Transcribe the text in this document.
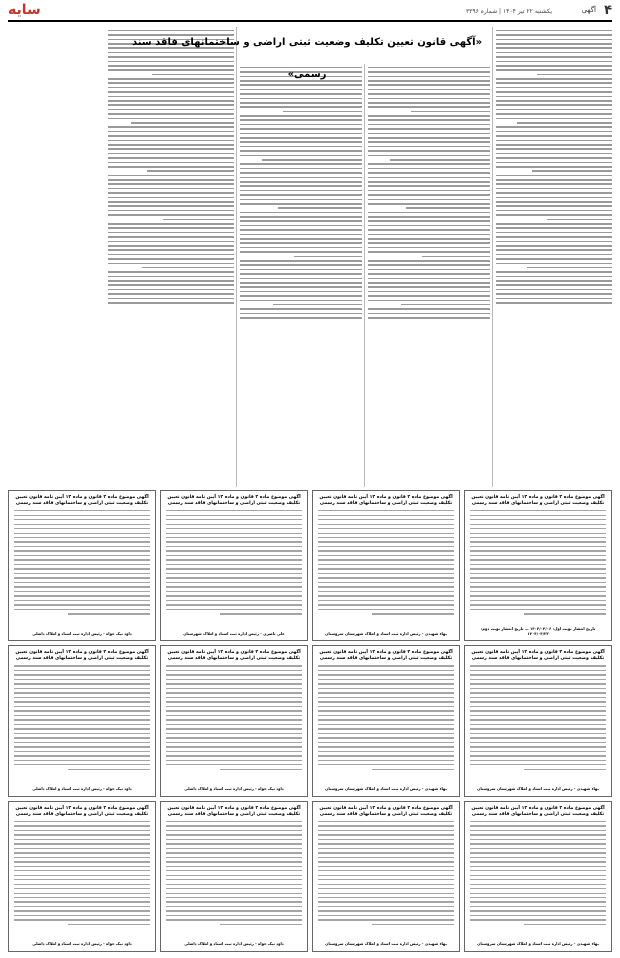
۴
آگهی
یکشنبه ۲۲ تیر ۱۴۰۴ | شماره ۳۳۹۶
سایه
«آگهی قانون تعیین تکلیف وضعیت ثبتی اراضی و ساختمانهای فاقد سند رسمی»
آگهی موضوع ماده ۳ قانون و ماده ۱۳ آیین نامه قانون تعیین تکلیف وضعیت ثبتی اراضی و ساختمانهای فاقد سند رسمی
تاریخ انتشار نوبت اول: ۱۴۰۴/۰۴/۰۶ — تاریخ انتشار نوبت دوم: ۱۴۰۴/۰۴/۲۲
آگهی موضوع ماده ۳ قانون و ماده ۱۳ آیین نامه قانون تعیین تکلیف وضعیت ثبتی اراضی و ساختمانهای فاقد سند رسمی
بهاء شهیدی - رئیس اداره ثبت اسناد و املاک شهرستان سروستان
آگهی موضوع ماده ۳ قانون و ماده ۱۳ آیین نامه قانون تعیین تکلیف وضعیت ثبتی اراضی و ساختمانهای فاقد سند رسمی
علی ناصری - رئیس اداره ثبت اسناد و املاک شهرستان
آگهی موضوع ماده ۳ قانون و ماده ۱۳ آیین نامه قانون تعیین تکلیف وضعیت ثبتی اراضی و ساختمانهای فاقد سند رسمی
داود نیک خواه - رئیس اداره ثبت اسناد و املاک داشلی
آگهی موضوع ماده ۳ قانون و ماده ۱۳ آیین نامه قانون تعیین تکلیف وضعیت ثبتی اراضی و ساختمانهای فاقد سند رسمی
بهاء شهیدی - رئیس اداره ثبت اسناد و املاک شهرستان سروستان
آگهی موضوع ماده ۳ قانون و ماده ۱۳ آیین نامه قانون تعیین تکلیف وضعیت ثبتی اراضی و ساختمانهای فاقد سند رسمی
بهاء شهیدی - رئیس اداره ثبت اسناد و املاک شهرستان سروستان
آگهی موضوع ماده ۳ قانون و ماده ۱۳ آیین نامه قانون تعیین تکلیف وضعیت ثبتی اراضی و ساختمانهای فاقد سند رسمی
داود نیک خواه - رئیس اداره ثبت اسناد و املاک داشلی
آگهی موضوع ماده ۳ قانون و ماده ۱۳ آیین نامه قانون تعیین تکلیف وضعیت ثبتی اراضی و ساختمانهای فاقد سند رسمی
داود نیک خواه - رئیس اداره ثبت اسناد و املاک داشلی
آگهی موضوع ماده ۳ قانون و ماده ۱۳ آیین نامه قانون تعیین تکلیف وضعیت ثبتی اراضی و ساختمانهای فاقد سند رسمی
بهاء شهیدی - رئیس اداره ثبت اسناد و املاک شهرستان سروستان
آگهی موضوع ماده ۳ قانون و ماده ۱۳ آیین نامه قانون تعیین تکلیف وضعیت ثبتی اراضی و ساختمانهای فاقد سند رسمی
بهاء شهیدی - رئیس اداره ثبت اسناد و املاک شهرستان سروستان
آگهی موضوع ماده ۳ قانون و ماده ۱۳ آیین نامه قانون تعیین تکلیف وضعیت ثبتی اراضی و ساختمانهای فاقد سند رسمی
داود نیک خواه - رئیس اداره ثبت اسناد و املاک داشلی
آگهی موضوع ماده ۳ قانون و ماده ۱۳ آیین نامه قانون تعیین تکلیف وضعیت ثبتی اراضی و ساختمانهای فاقد سند رسمی
داود نیک خواه - رئیس اداره ثبت اسناد و املاک داشلی
